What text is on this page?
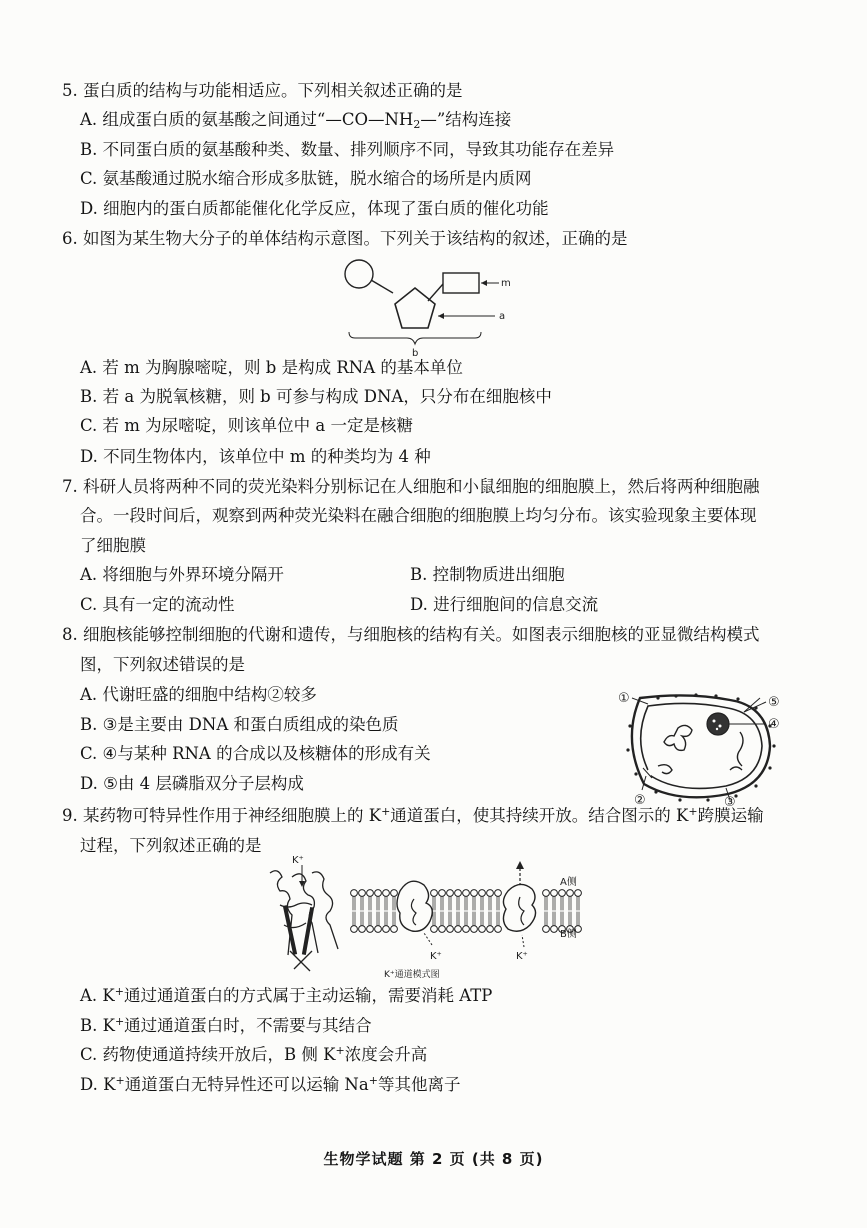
5. 蛋白质的结构与功能相适应。下列相关叙述正确的是
A. 组成蛋白质的氨基酸之间通过“—CO—NH2—”结构连接
B. 不同蛋白质的氨基酸种类、数量、排列顺序不同，导致其功能存在差异
C. 氨基酸通过脱水缩合形成多肽链，脱水缩合的场所是内质网
D. 细胞内的蛋白质都能催化化学反应，体现了蛋白质的催化功能
6. 如图为某生物大分子的单体结构示意图。下列关于该结构的叙述，正确的是
m
a
b
A. 若 m 为胸腺嘧啶，则 b 是构成 RNA 的基本单位
B. 若 a 为脱氧核糖，则 b 可参与构成 DNA，只分布在细胞核中
C. 若 m 为尿嘧啶，则该单位中 a 一定是核糖
D. 不同生物体内，该单位中 m 的种类均为 4 种
7. 科研人员将两种不同的荧光染料分别标记在人细胞和小鼠细胞的细胞膜上，然后将两种细胞融
合。一段时间后，观察到两种荧光染料在融合细胞的细胞膜上均匀分布。该实验现象主要体现
了细胞膜
A. 将细胞与外界环境分隔开	B. 控制物质进出细胞
C. 具有一定的流动性	D. 进行细胞间的信息交流
8. 细胞核能够控制细胞的代谢和遗传，与细胞核的结构有关。如图表示细胞核的亚显微结构模式
图，下列叙述错误的是
A. 代谢旺盛的细胞中结构②较多
B. ③是主要由 DNA 和蛋白质组成的染色质
C. ④与某种 RNA 的合成以及核糖体的形成有关
D. ⑤由 4 层磷脂双分子层构成
①	⑤
④
②	③
9. 某药物可特异性作用于神经细胞膜上的 K+通道蛋白，使其持续开放。结合图示的 K+跨膜运输
过程，下列叙述正确的是
K⁺
K⁺	K⁺
A侧
B侧
K⁺通道模式图
A. K+通过通道蛋白的方式属于主动运输，需要消耗 ATP
B. K+通过通道蛋白时，不需要与其结合
C. 药物使通道持续开放后，B 侧 K+浓度会升高
D. K+通道蛋白无特异性还可以运输 Na+等其他离子
生物学试题 第 2 页 (共 8 页)
